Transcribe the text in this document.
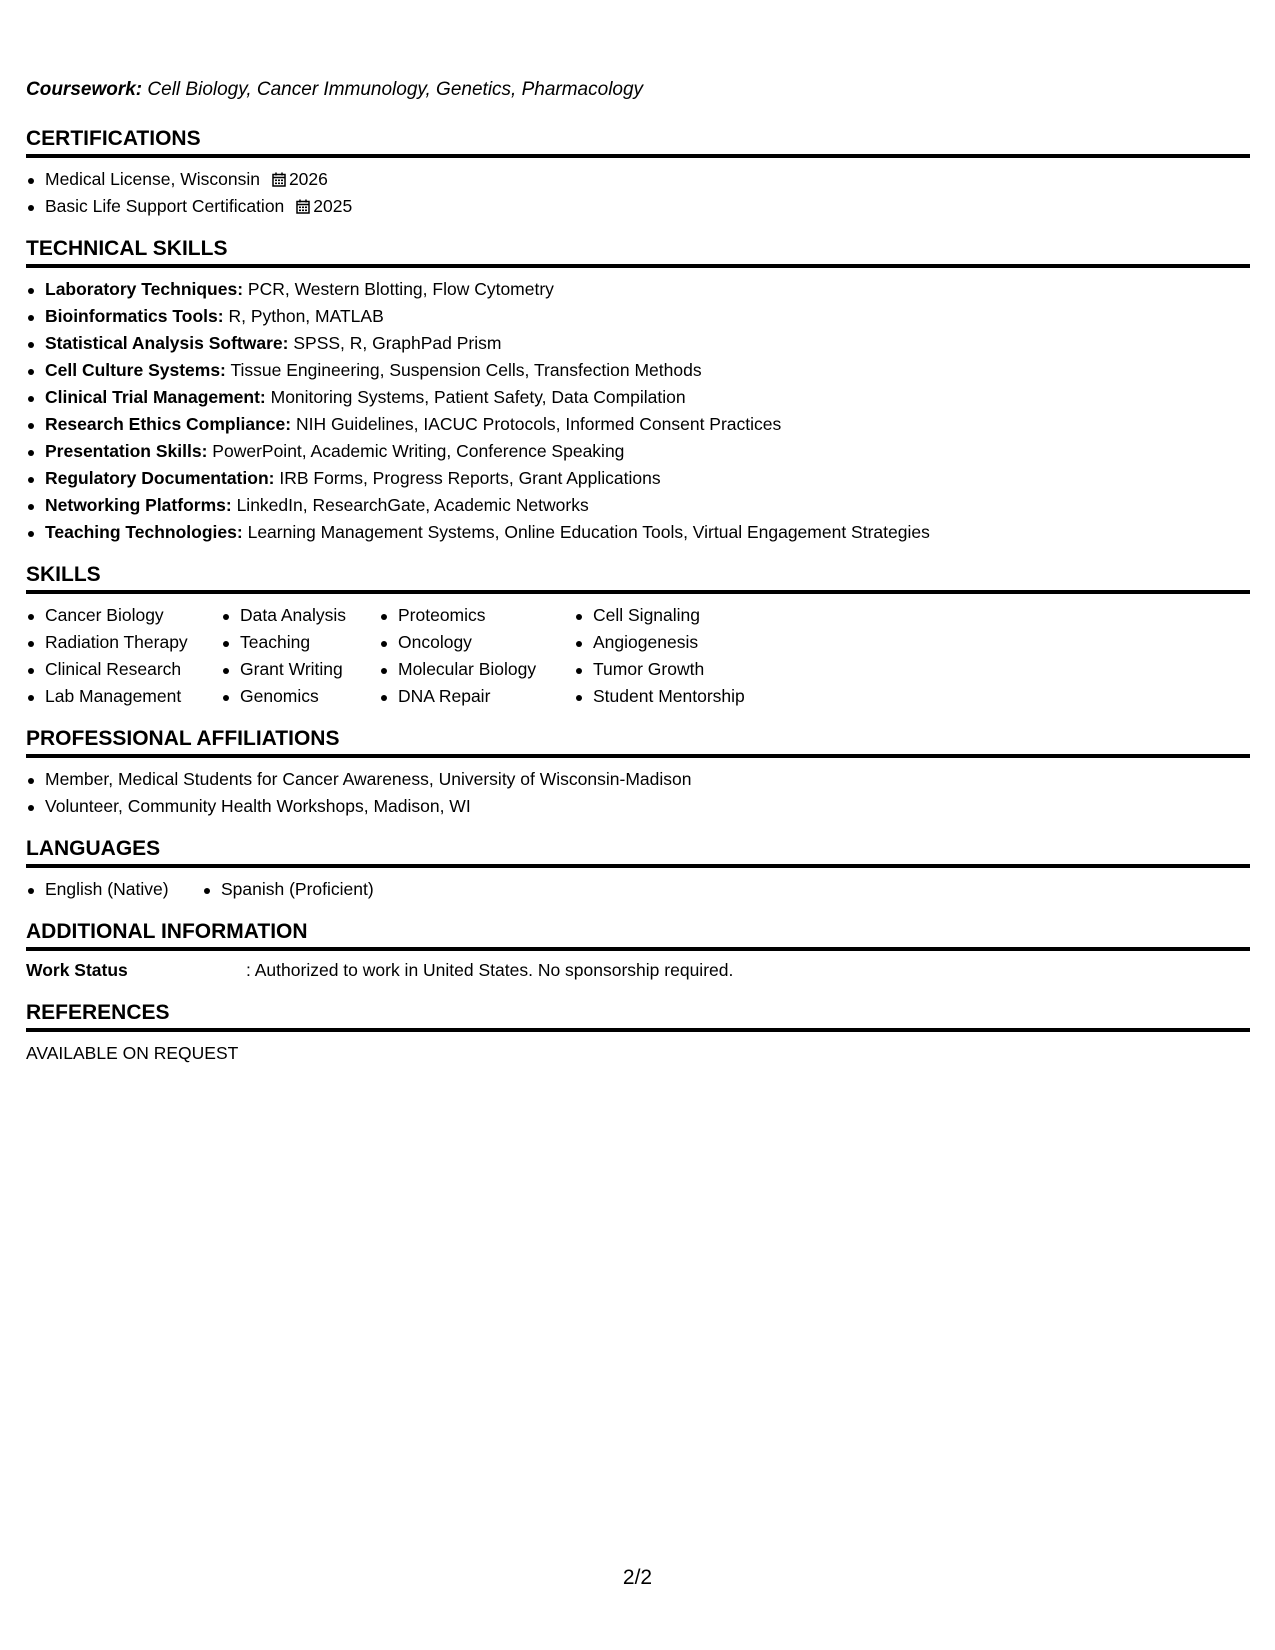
Coursework: Cell Biology, Cancer Immunology, Genetics, Pharmacology
CERTIFICATIONS
Medical License, Wisconsin 2026
Basic Life Support Certification 2025
TECHNICAL SKILLS
Laboratory Techniques: PCR, Western Blotting, Flow Cytometry
Bioinformatics Tools: R, Python, MATLAB
Statistical Analysis Software: SPSS, R, GraphPad Prism
Cell Culture Systems: Tissue Engineering, Suspension Cells, Transfection Methods
Clinical Trial Management: Monitoring Systems, Patient Safety, Data Compilation
Research Ethics Compliance: NIH Guidelines, IACUC Protocols, Informed Consent Practices
Presentation Skills: PowerPoint, Academic Writing, Conference Speaking
Regulatory Documentation: IRB Forms, Progress Reports, Grant Applications
Networking Platforms: LinkedIn, ResearchGate, Academic Networks
Teaching Technologies: Learning Management Systems, Online Education Tools, Virtual Engagement Strategies
SKILLS
Cancer Biology
Radiation Therapy
Clinical Research
Lab Management
Data Analysis
Teaching
Grant Writing
Genomics
Proteomics
Oncology
Molecular Biology
DNA Repair
Cell Signaling
Angiogenesis
Tumor Growth
Student Mentorship
PROFESSIONAL AFFILIATIONS
Member, Medical Students for Cancer Awareness, University of Wisconsin-Madison
Volunteer, Community Health Workshops, Madison, WI
LANGUAGES
English (Native)	Spanish (Proficient)
ADDITIONAL INFORMATION
Work Status	: Authorized to work in United States. No sponsorship required.
REFERENCES
AVAILABLE ON REQUEST
2/2
